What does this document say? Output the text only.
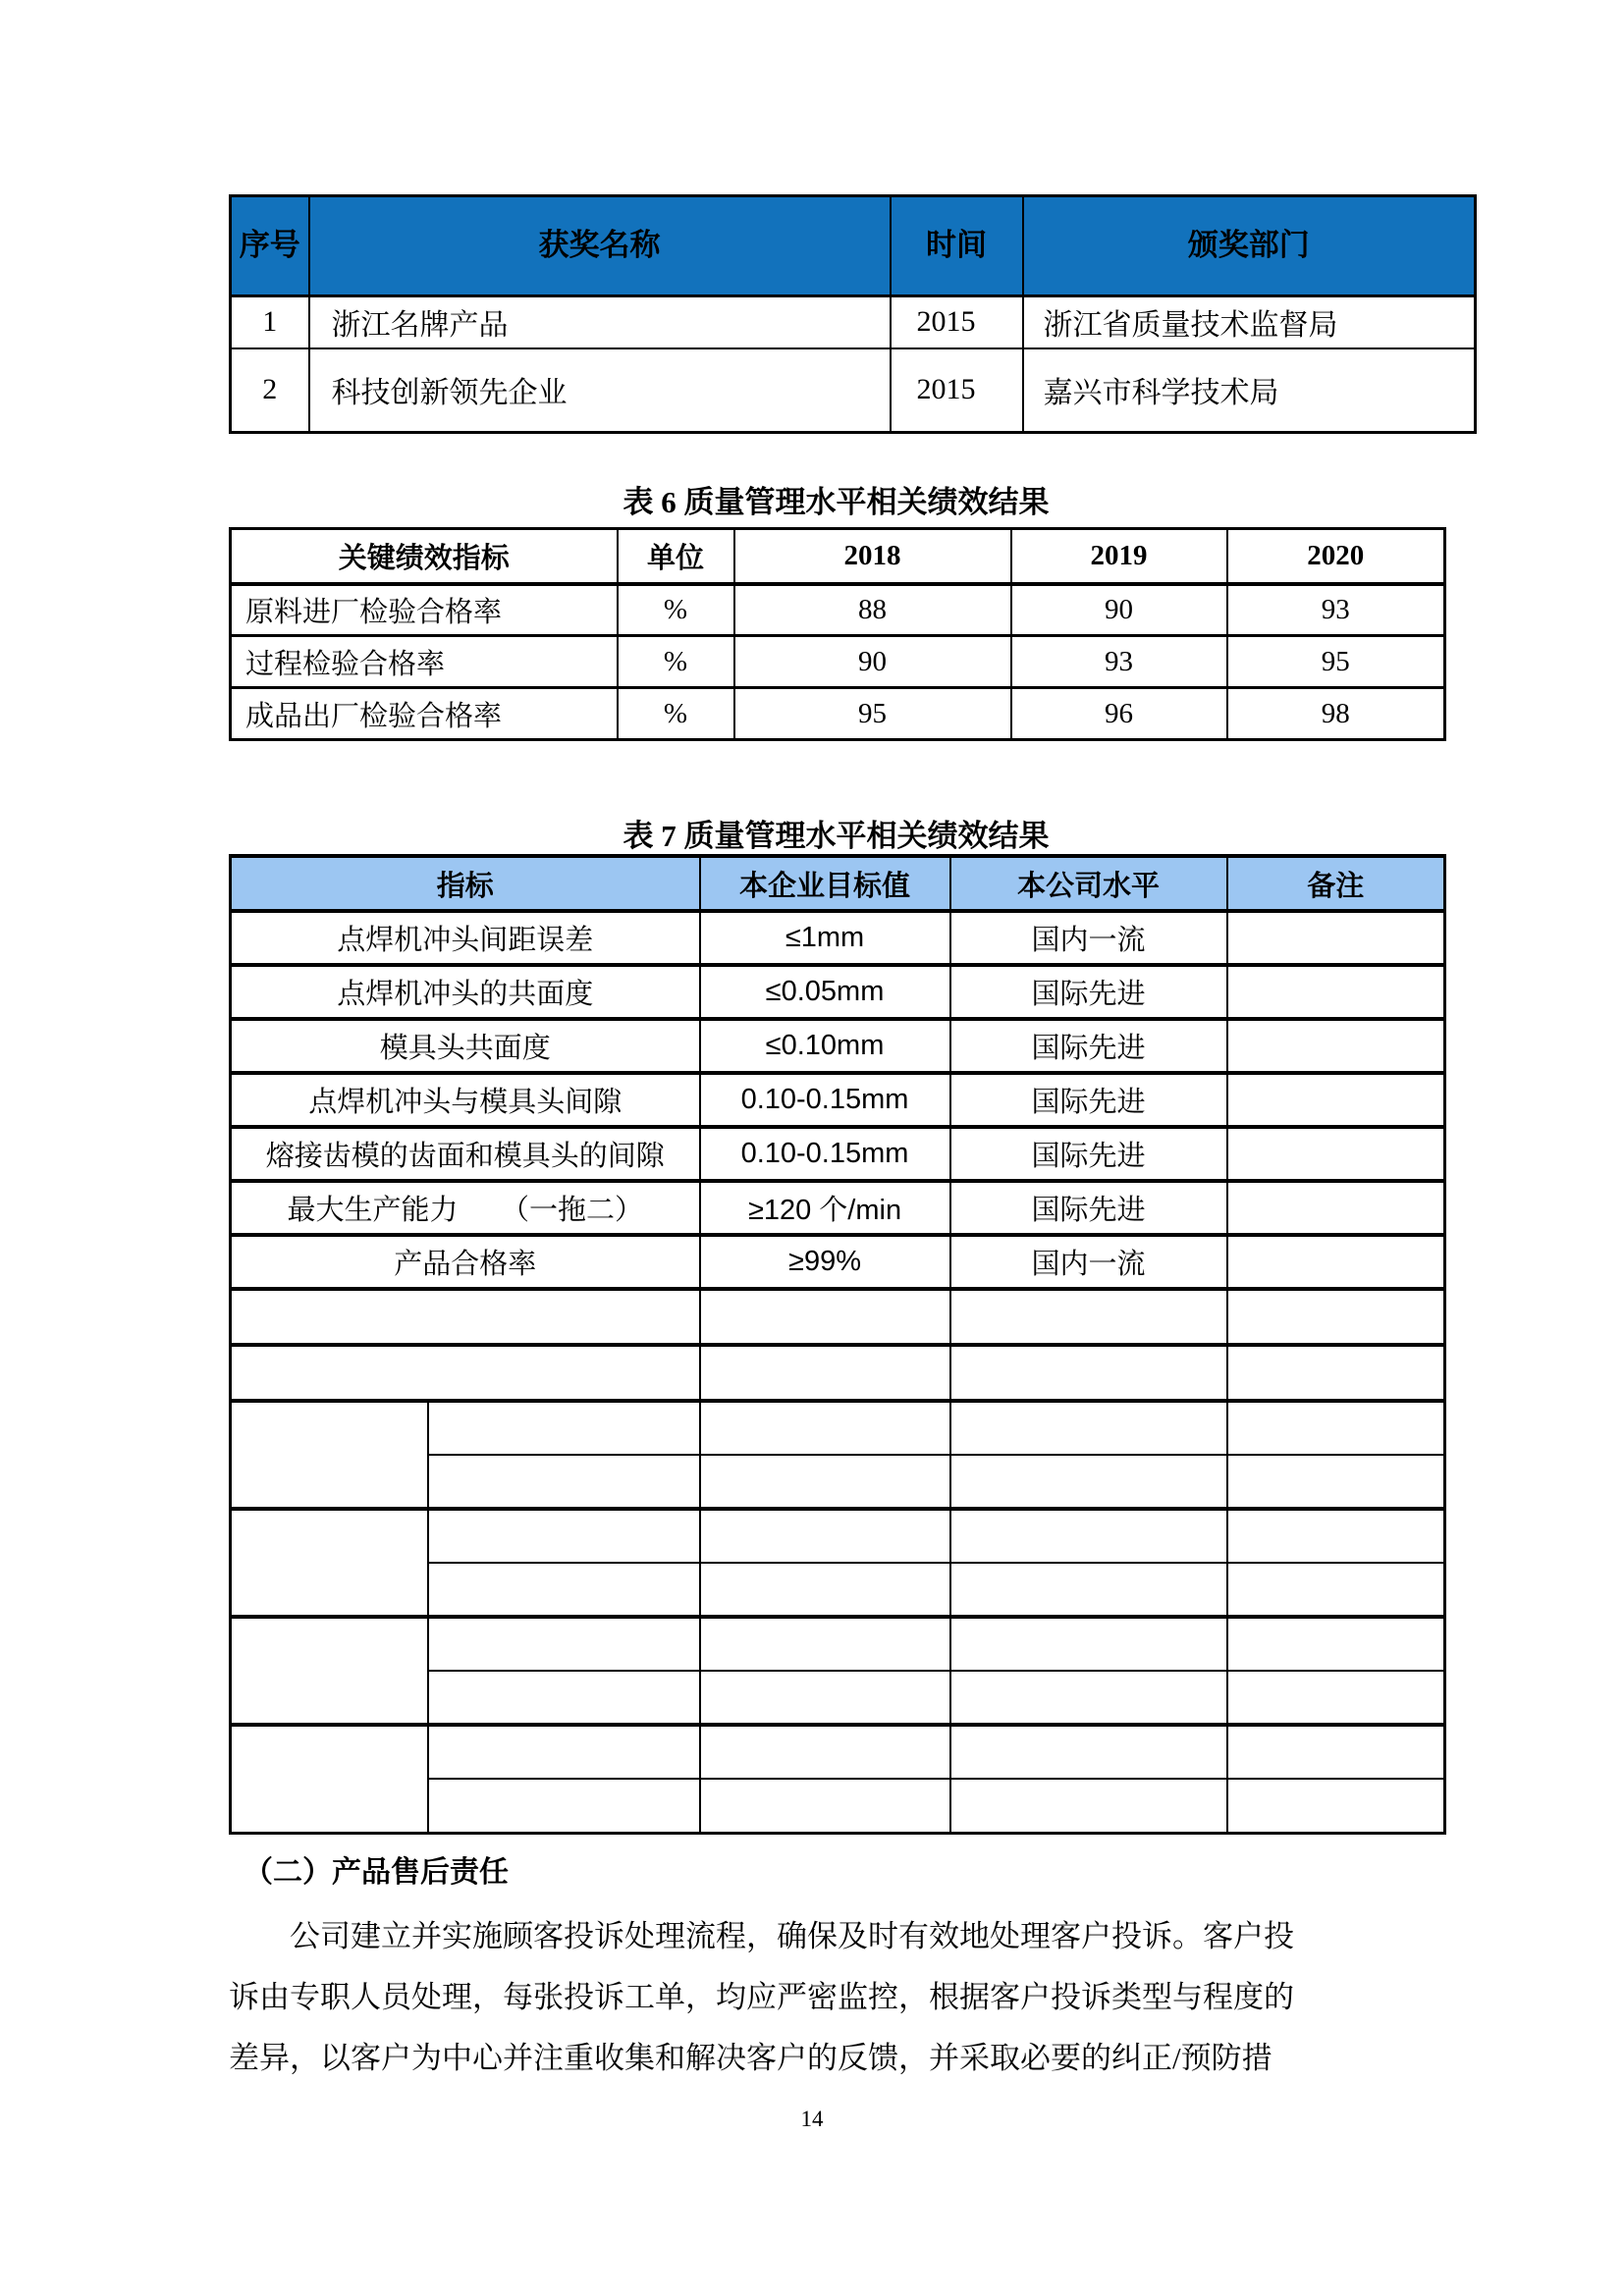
序号	获奖名称	时间	颁奖部门
1	浙江名牌产品	2015	浙江省质量技术监督局
2	科技创新领先企业	2015	嘉兴市科学技术局
表 6 质量管理水平相关绩效结果
关键绩效指标	单位	2018	2019	2020
原料进厂检验合格率	%	88	90	93
过程检验合格率	%	90	93	95
成品出厂检验合格率	%	95	96	98
表 7 质量管理水平相关绩效结果
指标		本企业目标值	本公司水平	备注
点焊机冲头间距误差		≤1mm	国内一流	
点焊机冲头的共面度		≤0.05mm	国际先进	
模具头共面度		≤0.10mm	国际先进	
点焊机冲头与模具头间隙		0.10-0.15mm	国际先进	
熔接齿模的齿面和模具头的间隙		0.10-0.15mm	国际先进	
最大生产能力　　（一拖二）		≥120 个/min	国际先进	
产品合格率		≥99%	国内一流	

（二）产品售后责任
公司建立并实施顾客投诉处理流程，确保及时有效地处理客户投诉。客户投
诉由专职人员处理，每张投诉工单，均应严密监控，根据客户投诉类型与程度的
差异，以客户为中心并注重收集和解决客户的反馈，并采取必要的纠正/预防措
14
